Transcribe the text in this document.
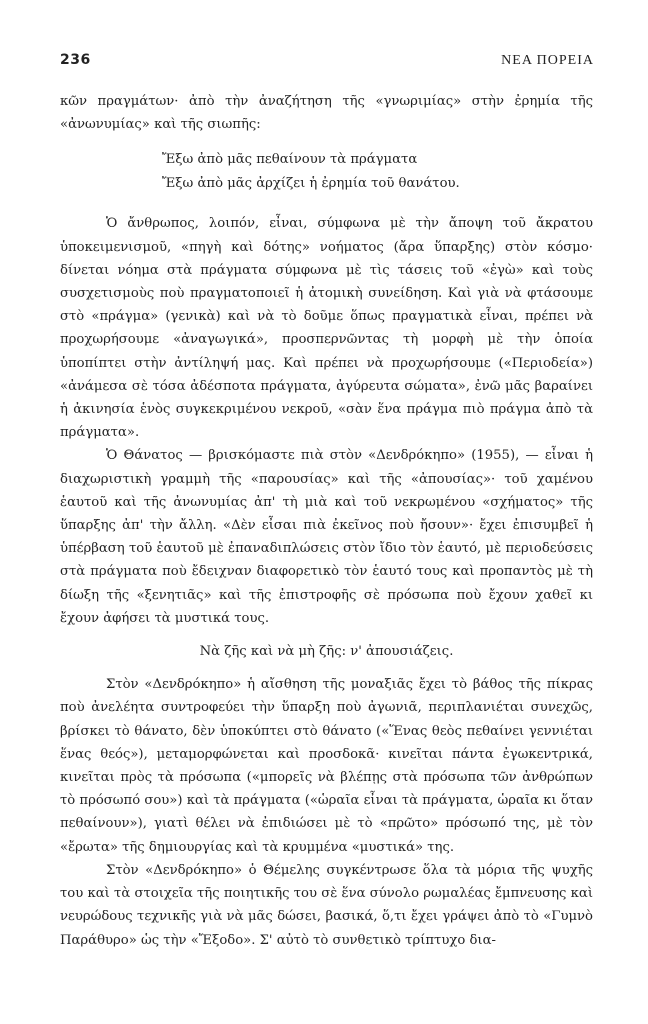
236	ΝΕΑ ΠΟΡΕΙΑ

κῶν πραγμάτων· ἀπὸ τὴν ἀναζήτηση τῆς «γνωριμίας» στὴν ἐρημία τῆς «ἀνωνυμίας» καὶ τῆς σιωπῆς:

Ἔξω ἀπὸ μᾶς πεθαίνουν τὰ πράγματα
Ἔξω ἀπὸ μᾶς ἀρχίζει ἡ ἐρημία τοῦ θανάτου.

Ὁ ἄνθρωπος, λοιπόν, εἶναι, σύμφωνα μὲ τὴν ἄποψη τοῦ ἄκρατου ὑποκειμενισμοῦ, «πηγὴ καὶ δότης» νοήματος (ἄρα ὕπαρξης) στὸν κόσμο· δίνεται νόημα στὰ πράγματα σύμφωνα μὲ τὶς τάσεις τοῦ «ἐγὼ» καὶ τοὺς συσχετισμοὺς ποὺ πραγματοποιεῖ ἡ ἀτομικὴ συνείδηση. Καὶ γιὰ νὰ φτάσουμε στὸ «πράγμα» (γενικὰ) καὶ νὰ τὸ δοῦμε ὅπως πραγματικὰ εἶναι, πρέπει νὰ προχωρήσουμε «ἀναγωγικά», προσπερνῶντας τὴ μορφὴ μὲ τὴν ὁποία ὑποπίπτει στὴν ἀντίληψή μας. Καὶ πρέπει νὰ προχωρήσουμε («Περιοδεία») «ἀνάμεσα σὲ τόσα ἀδέσποτα πράγματα, ἀγύρευτα σώματα», ἐνῶ μᾶς βαραίνει ἡ ἀκινησία ἑνὸς συγκεκριμένου νεκροῦ, «σὰν ἕνα πράγμα πιὸ πράγμα ἀπὸ τὰ πράγματα».

Ὁ Θάνατος — βρισκόμαστε πιὰ στὸν «Δενδρόκηπο» (1955), — εἶναι ἡ διαχωριστικὴ γραμμὴ τῆς «παρουσίας» καὶ τῆς «ἀπουσίας»· τοῦ χαμένου ἑαυτοῦ καὶ τῆς ἀνωνυμίας ἀπ' τὴ μιὰ καὶ τοῦ νεκρωμένου «σχήματος» τῆς ὕπαρξης ἀπ' τὴν ἄλλη. «Δὲν εἶσαι πιὰ ἐκεῖνος ποὺ ἤσουν»· ἔχει ἐπισυμβεῖ ἡ ὑπέρβαση τοῦ ἑαυτοῦ μὲ ἐπαναδιπλώσεις στὸν ἴδιο τὸν ἑαυτό, μὲ περιοδεύσεις στὰ πράγματα ποὺ ἔδειχναν διαφορετικὸ τὸν ἑαυτό τους καὶ προπαντὸς μὲ τὴ δίωξη τῆς «ξενητιᾶς» καὶ τῆς ἐπιστροφῆς σὲ πρόσωπα ποὺ ἔχουν χαθεῖ κι ἔχουν ἀφήσει τὰ μυστικά τους.

Νὰ ζῆς καὶ νὰ μὴ ζῆς: ν' ἀπουσιάζεις.

Στὸν «Δενδρόκηπο» ἡ αἴσθηση τῆς μοναξιᾶς ἔχει τὸ βάθος τῆς πίκρας ποὺ ἀνελέητα συντροφεύει τὴν ὕπαρξη ποὺ ἀγωνιᾶ, περιπλανιέται συνεχῶς, βρίσκει τὸ θάνατο, δὲν ὑποκύπτει στὸ θάνατο («Ἕνας θεὸς πεθαίνει γεννιέται ἕνας θεός»), μεταμορφώνεται καὶ προσδοκᾶ· κινεῖται πάντα ἐγωκεντρικά, κινεῖται πρὸς τὰ πρόσωπα («μπορεῖς νὰ βλέπῃς στὰ πρόσωπα τῶν ἀνθρώπων τὸ πρόσωπό σου») καὶ τὰ πράγματα («ὡραῖα εἶναι τὰ πράγματα, ὡραῖα κι ὅταν πεθαίνουν»), γιατὶ θέλει νὰ ἐπιδιώσει μὲ τὸ «πρῶτο» πρόσωπό της, μὲ τὸν «ἔρωτα» τῆς δημιουργίας καὶ τὰ κρυμμένα «μυστικά» της.

Στὸν «Δενδρόκηπο» ὁ Θέμελης συγκέντρωσε ὅλα τὰ μόρια τῆς ψυχῆς του καὶ τὰ στοιχεῖα τῆς ποιητικῆς του σὲ ἕνα σύνολο ρωμαλέας ἔμπνευσης καὶ νευρώδους τεχνικῆς γιὰ νὰ μᾶς δώσει, βασικά, ὅ,τι ἔχει γράψει ἀπὸ τὸ «Γυμνὸ Παράθυρο» ὡς τὴν «Ἔξοδο». Σ' αὐτὸ τὸ συνθετικὸ τρίπτυχο δια-
